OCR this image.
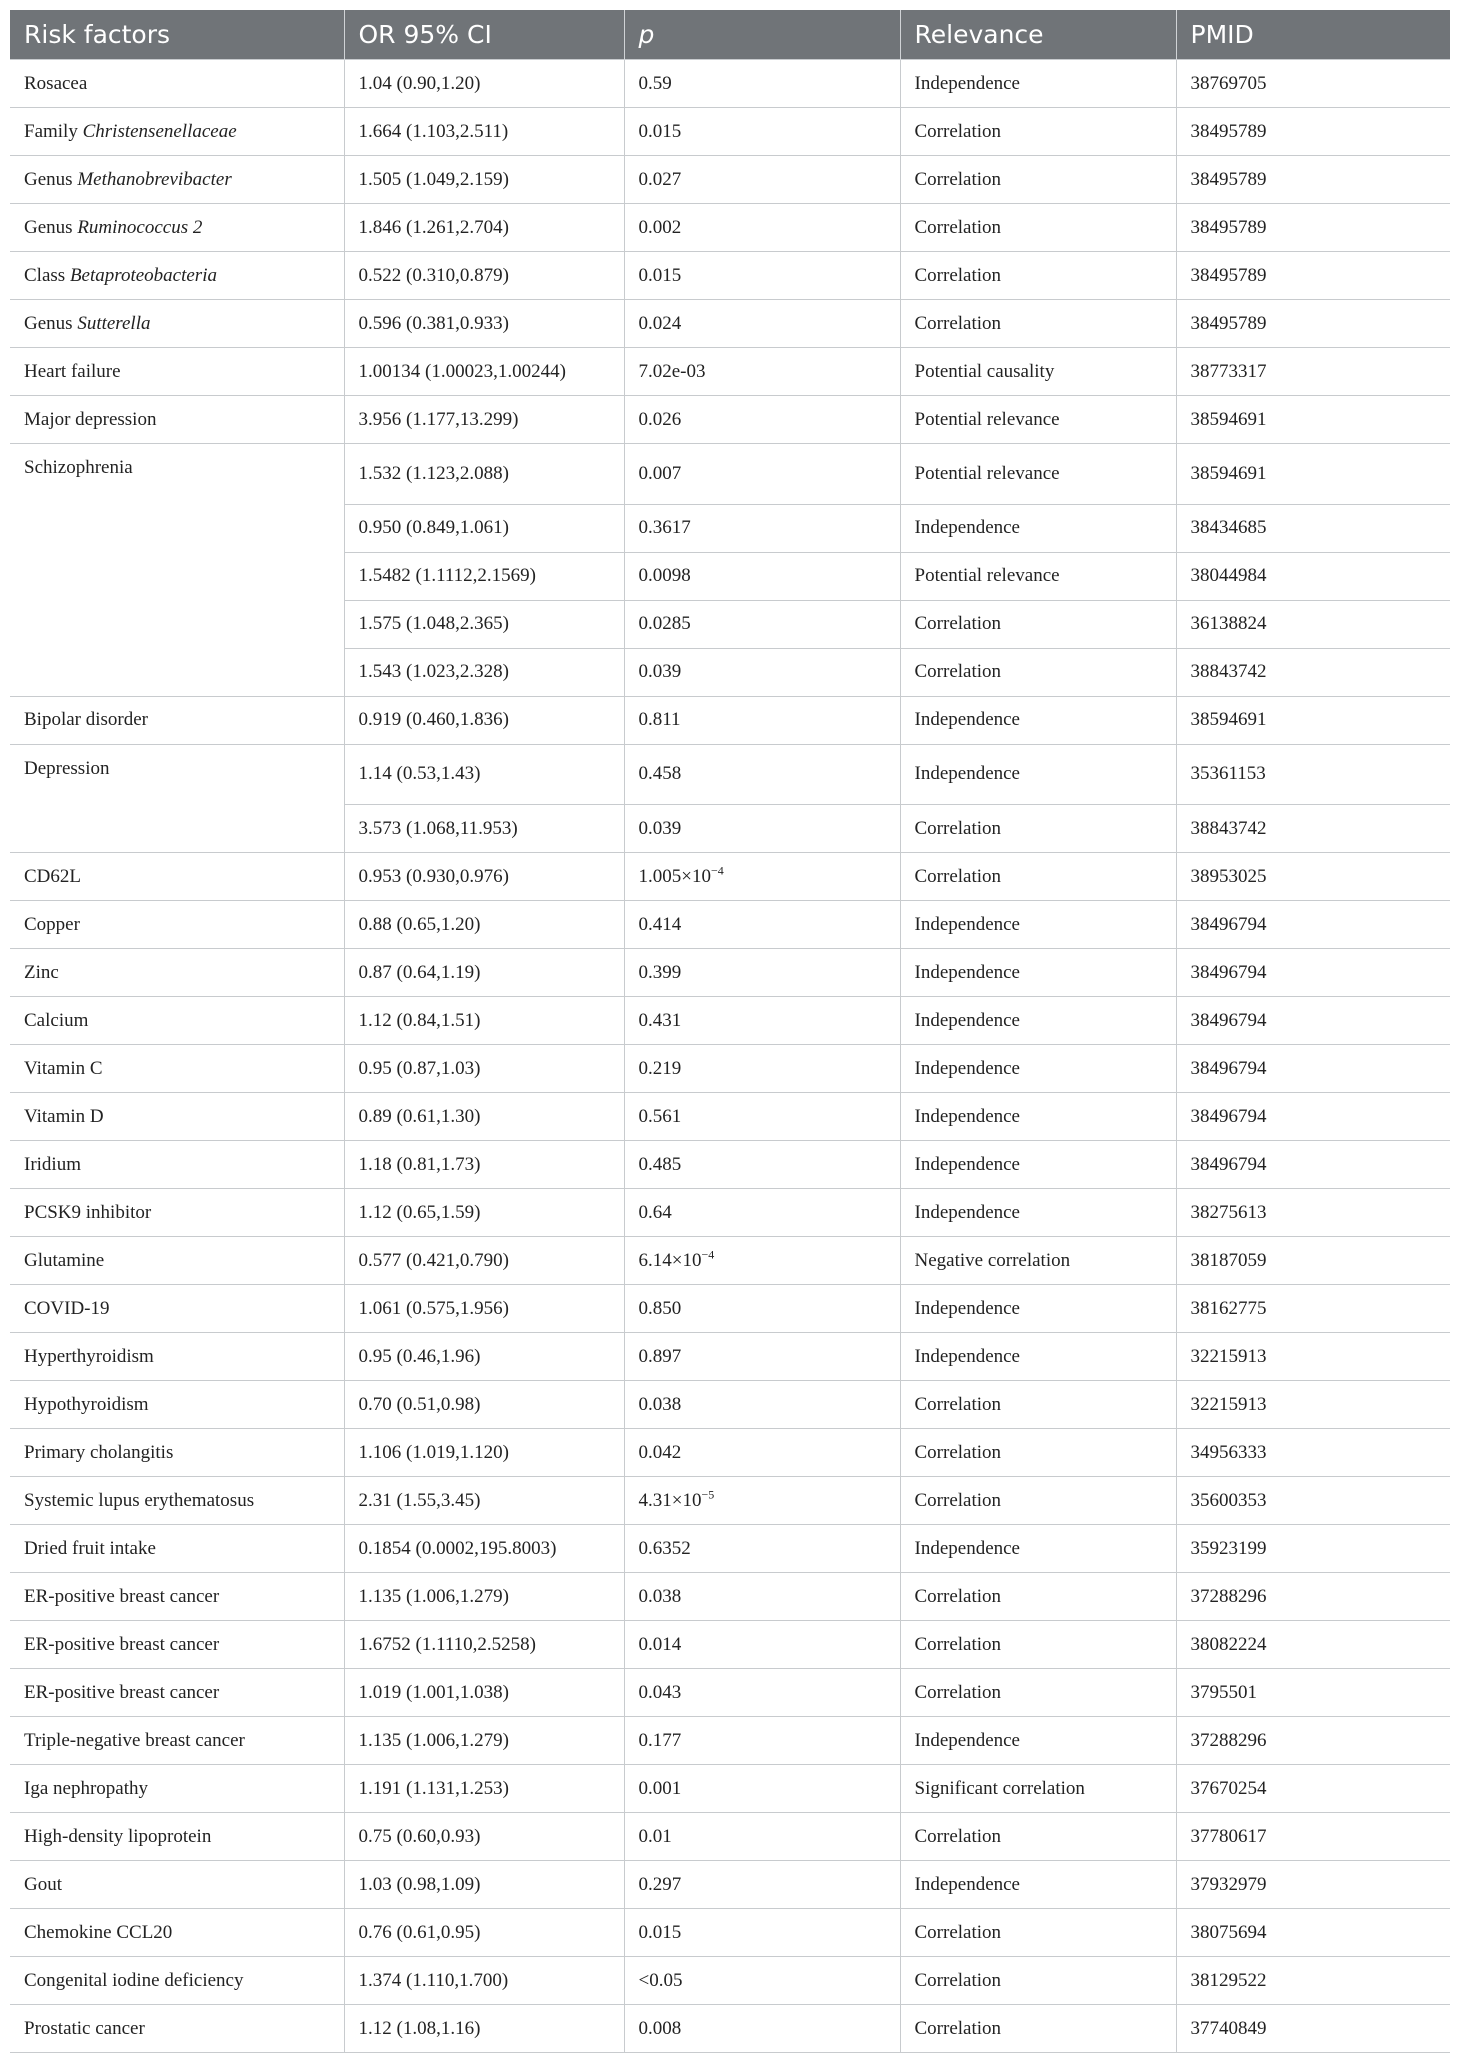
Risk factors	OR 95% CI	p	Relevance	PMID
Rosacea	1.04 (0.90,1.20)	0.59	Independence	38769705
Family Christensenellaceae	1.664 (1.103,2.511)	0.015	Correlation	38495789
Genus Methanobrevibacter	1.505 (1.049,2.159)	0.027	Correlation	38495789
Genus Ruminococcus 2	1.846 (1.261,2.704)	0.002	Correlation	38495789
Class Betaproteobacteria	0.522 (0.310,0.879)	0.015	Correlation	38495789
Genus Sutterella	0.596 (0.381,0.933)	0.024	Correlation	38495789
Heart failure	1.00134 (1.00023,1.00244)	7.02e-03	Potential causality	38773317
Major depression	3.956 (1.177,13.299)	0.026	Potential relevance	38594691
Schizophrenia	1.532 (1.123,2.088)	0.007	Potential relevance	38594691
	0.950 (0.849,1.061)	0.3617	Independence	38434685
	1.5482 (1.1112,2.1569)	0.0098	Potential relevance	38044984
	1.575 (1.048,2.365)	0.0285	Correlation	36138824
	1.543 (1.023,2.328)	0.039	Correlation	38843742
Bipolar disorder	0.919 (0.460,1.836)	0.811	Independence	38594691
Depression	1.14 (0.53,1.43)	0.458	Independence	35361153
	3.573 (1.068,11.953)	0.039	Correlation	38843742
CD62L	0.953 (0.930,0.976)	$1.005\times 10^{-4}$	Correlation	38953025
Copper	0.88 (0.65,1.20)	0.414	Independence	38496794
Zinc	0.87 (0.64,1.19)	0.399	Independence	38496794
Calcium	1.12 (0.84,1.51)	0.431	Independence	38496794
Vitamin C	0.95 (0.87,1.03)	0.219	Independence	38496794
Vitamin D	0.89 (0.61,1.30)	0.561	Independence	38496794
Iridium	1.18 (0.81,1.73)	0.485	Independence	38496794
PCSK9 inhibitor	1.12 (0.65,1.59)	0.64	Independence	38275613
Glutamine	0.577 (0.421,0.790)	$6.14\times 10^{-4}$	Negative correlation	38187059
COVID-19	1.061 (0.575,1.956)	0.850	Independence	38162775
Hyperthyroidism	0.95 (0.46,1.96)	0.897	Independence	32215913
Hypothyroidism	0.70 (0.51,0.98)	0.038	Correlation	32215913
Primary cholangitis	1.106 (1.019,1.120)	0.042	Correlation	34956333
Systemic lupus erythematosus	2.31 (1.55,3.45)	$4.31\times 10^{-5}$	Correlation	35600353
Dried fruit intake	0.1854 (0.0002,195.8003)	0.6352	Independence	35923199
ER-positive breast cancer	1.135 (1.006,1.279)	0.038	Correlation	37288296
ER-positive breast cancer	1.6752 (1.1110,2.5258)	0.014	Correlation	38082224
ER-positive breast cancer	1.019 (1.001,1.038)	0.043	Correlation	3795501
Triple-negative breast cancer	1.135 (1.006,1.279)	0.177	Independence	37288296
Iga nephropathy	1.191 (1.131,1.253)	0.001	Significant correlation	37670254
High-density lipoprotein	0.75 (0.60,0.93)	0.01	Correlation	37780617
Gout	1.03 (0.98,1.09)	0.297	Independence	37932979
Chemokine CCL20	0.76 (0.61,0.95)	0.015	Correlation	38075694
Congenital iodine deficiency	1.374 (1.110,1.700)	<0.05	Correlation	38129522
Prostatic cancer	1.12 (1.08,1.16)	0.008	Correlation	37740849
